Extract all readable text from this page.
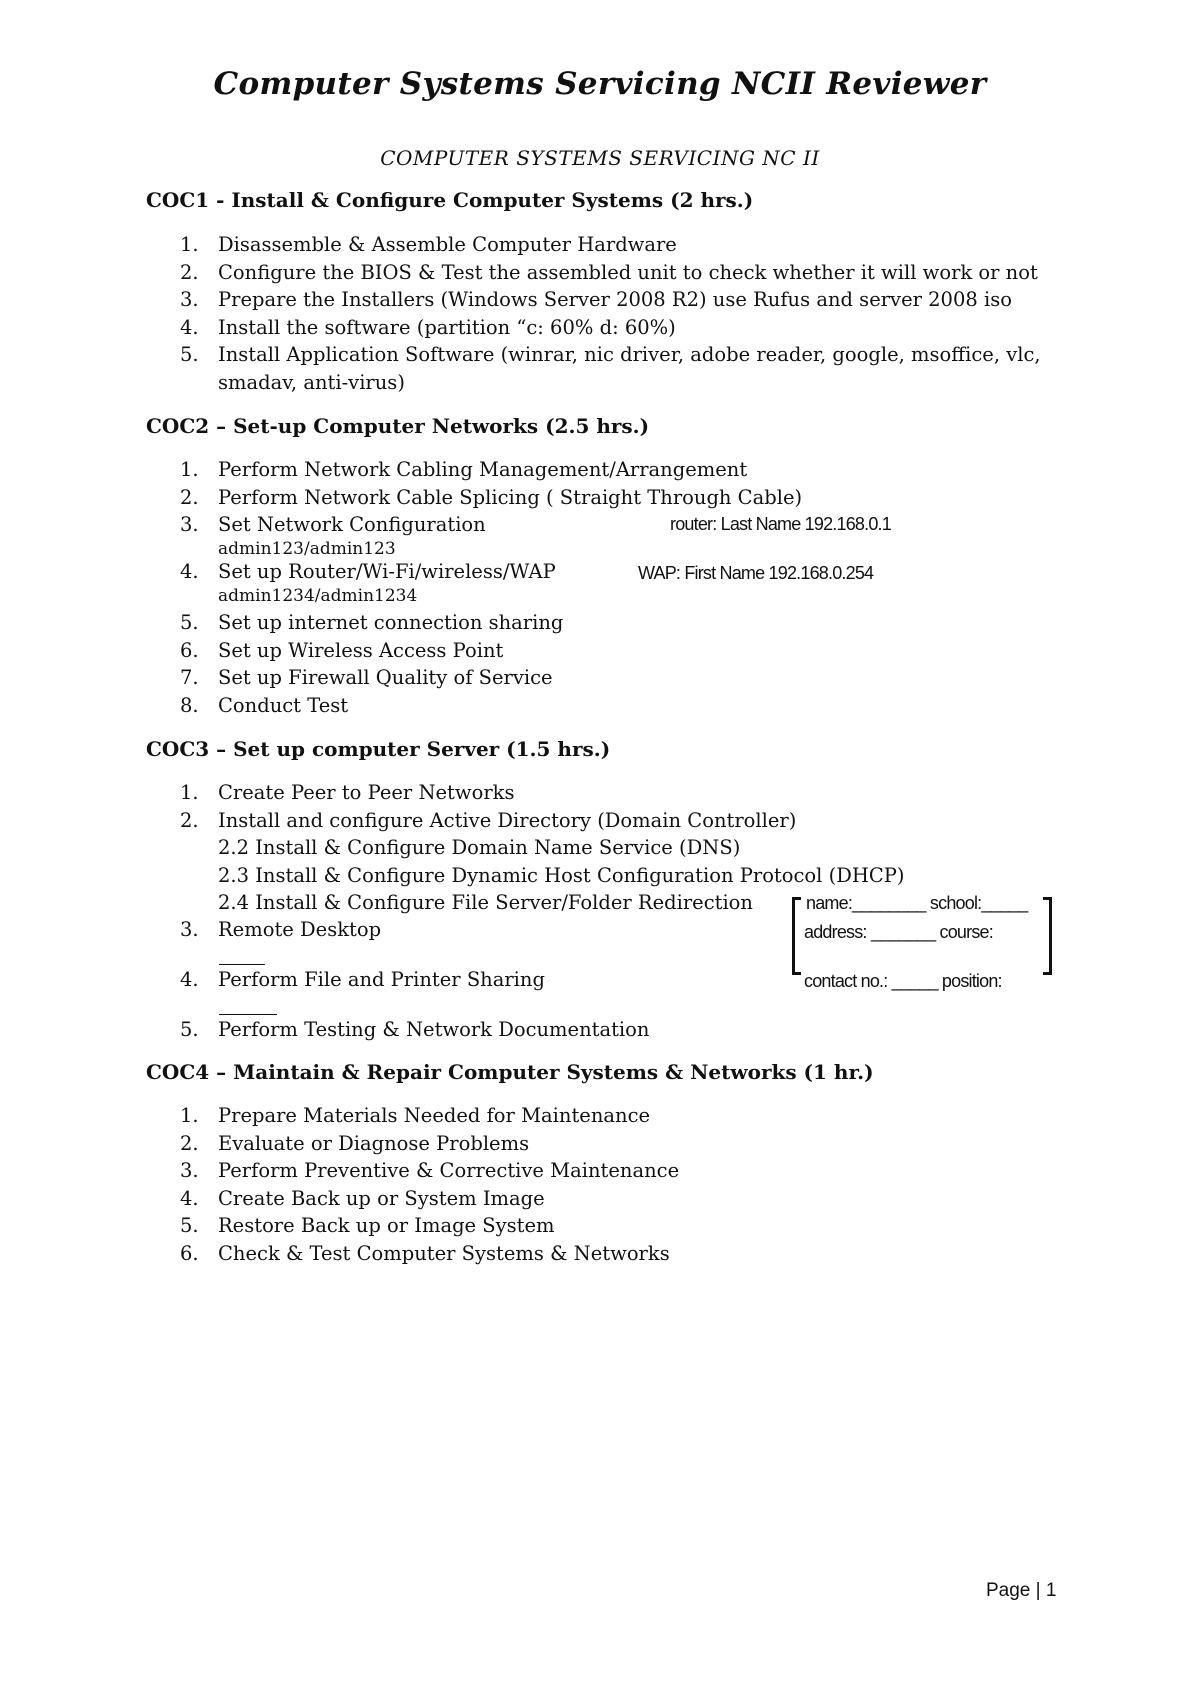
Computer Systems Servicing NCII Reviewer
COMPUTER SYSTEMS SERVICING NC II
COC1 - Install & Configure Computer Systems (2 hrs.)
1. Disassemble & Assemble Computer Hardware
2. Configure the BIOS & Test the assembled unit to check whether it will work or not
3. Prepare the Installers (Windows Server 2008 R2) use Rufus and server 2008 iso
4. Install the software (partition “c: 60% d: 60%)
5. Install Application Software (winrar, nic driver, adobe reader, google, msoffice, vlc,
smadav, anti-virus)
COC2 – Set-up Computer Networks (2.5 hrs.)
1. Perform Network Cabling Management/Arrangement
2. Perform Network Cable Splicing ( Straight Through Cable)
3. Set Network Configuration
admin123/admin123
4. Set up Router/Wi-Fi/wireless/WAP
admin1234/admin1234
5. Set up internet connection sharing
6. Set up Wireless Access Point
7. Set up Firewall Quality of Service
8. Conduct Test
router: Last Name 192.168.0.1
WAP: First Name 192.168.0.254
COC3 – Set up computer Server (1.5 hrs.)
1. Create Peer to Peer Networks
2. Install and configure Active Directory (Domain Controller)
2.2 Install & Configure Domain Name Service (DNS)
2.3 Install & Configure Dynamic Host Configuration Protocol (DHCP)
2.4 Install & Configure File Server/Folder Redirection
3. Remote Desktop
4. Perform File and Printer Sharing
5. Perform Testing & Network Documentation
name:________ school:_____
address: _______ course:
contact no.: _____ position:
COC4 – Maintain & Repair Computer Systems & Networks (1 hr.)
1. Prepare Materials Needed for Maintenance
2. Evaluate or Diagnose Problems
3. Perform Preventive & Corrective Maintenance
4. Create Back up or System Image
5. Restore Back up or Image System
6. Check & Test Computer Systems & Networks
Page | 1
